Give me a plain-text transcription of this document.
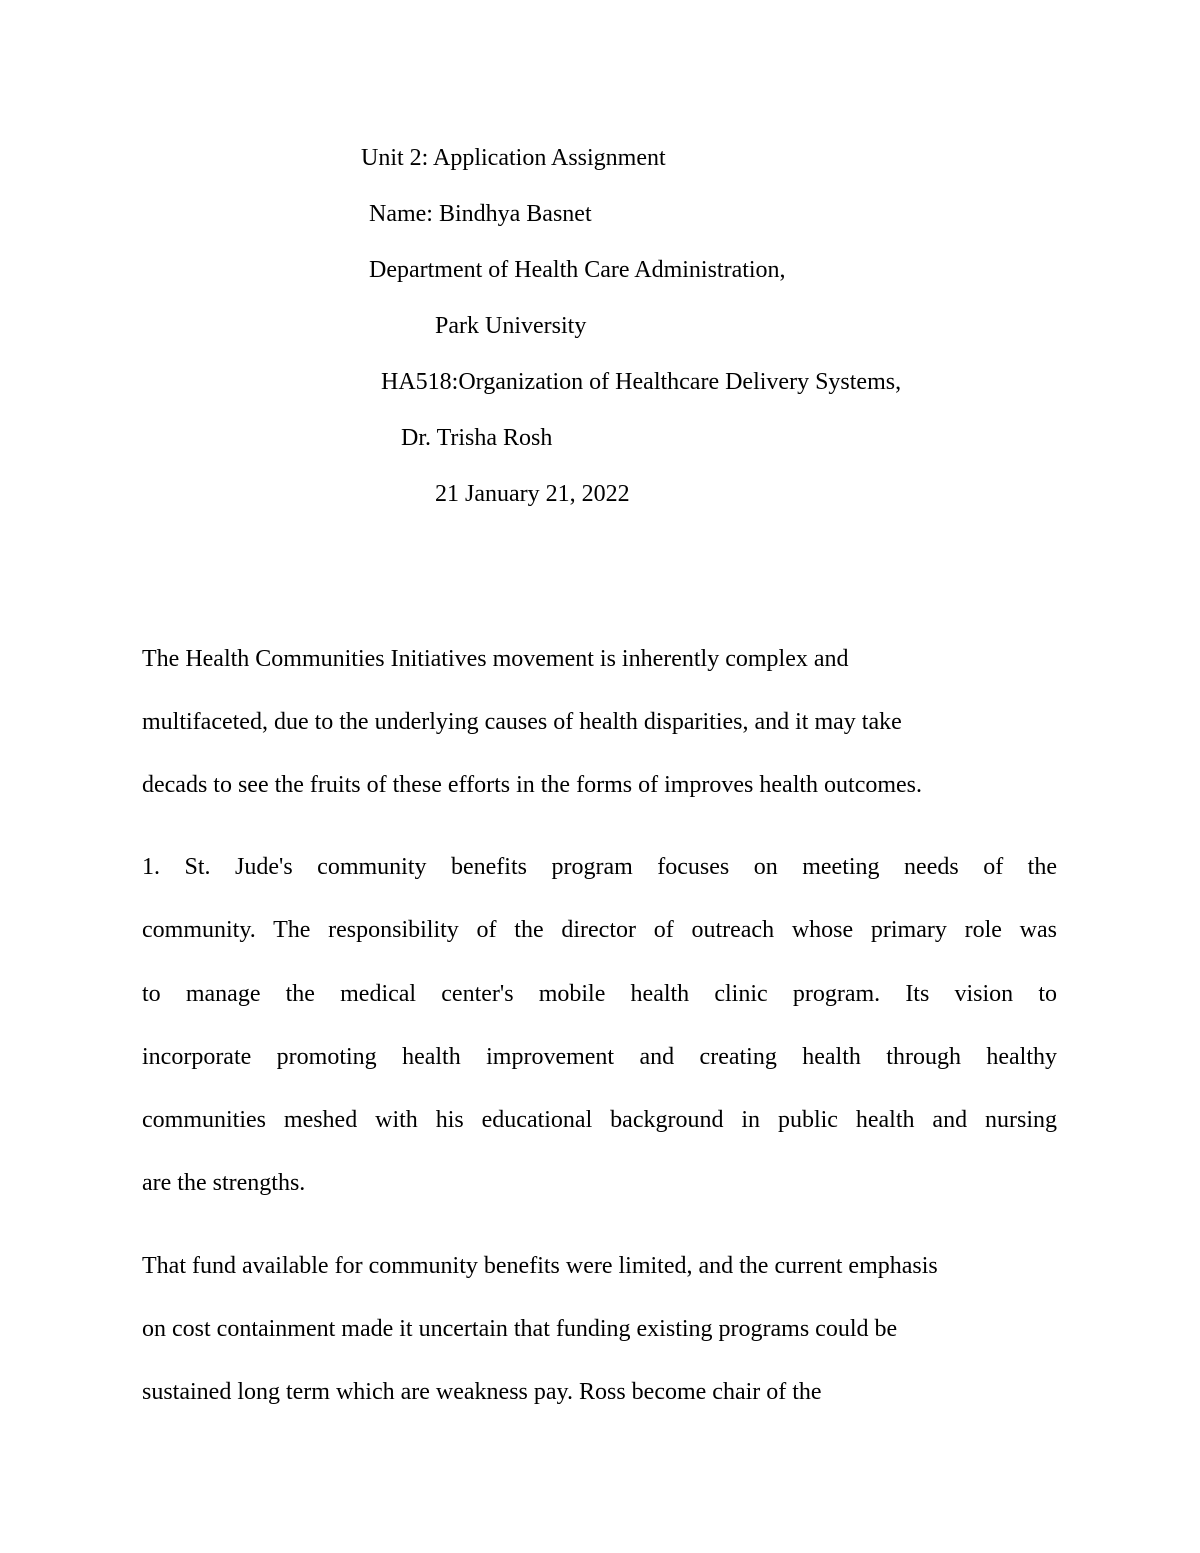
Unit 2: Application Assignment

Name: Bindhya Basnet

Department of Health Care Administration,

Park University

HA518:Organization of Healthcare Delivery Systems,

Dr. Trisha Rosh

21 January 21, 2022

The Health Communities Initiatives movement is inherently complex and

multifaceted, due to the underlying causes of health disparities, and it may take

decads to see the fruits of these efforts in the forms of improves health outcomes.

1. St. Jude's community benefits program focuses on meeting needs of the

community. The responsibility of the director of outreach whose primary role was

to manage the medical center's mobile health clinic program. Its vision to

incorporate promoting health improvement and creating health through healthy

communities meshed with his educational background in public health and nursing

are the strengths.

That fund available for community benefits were limited, and the current emphasis

on cost containment made it uncertain that funding existing programs could be

sustained long term which are weakness pay. Ross become chair of the
